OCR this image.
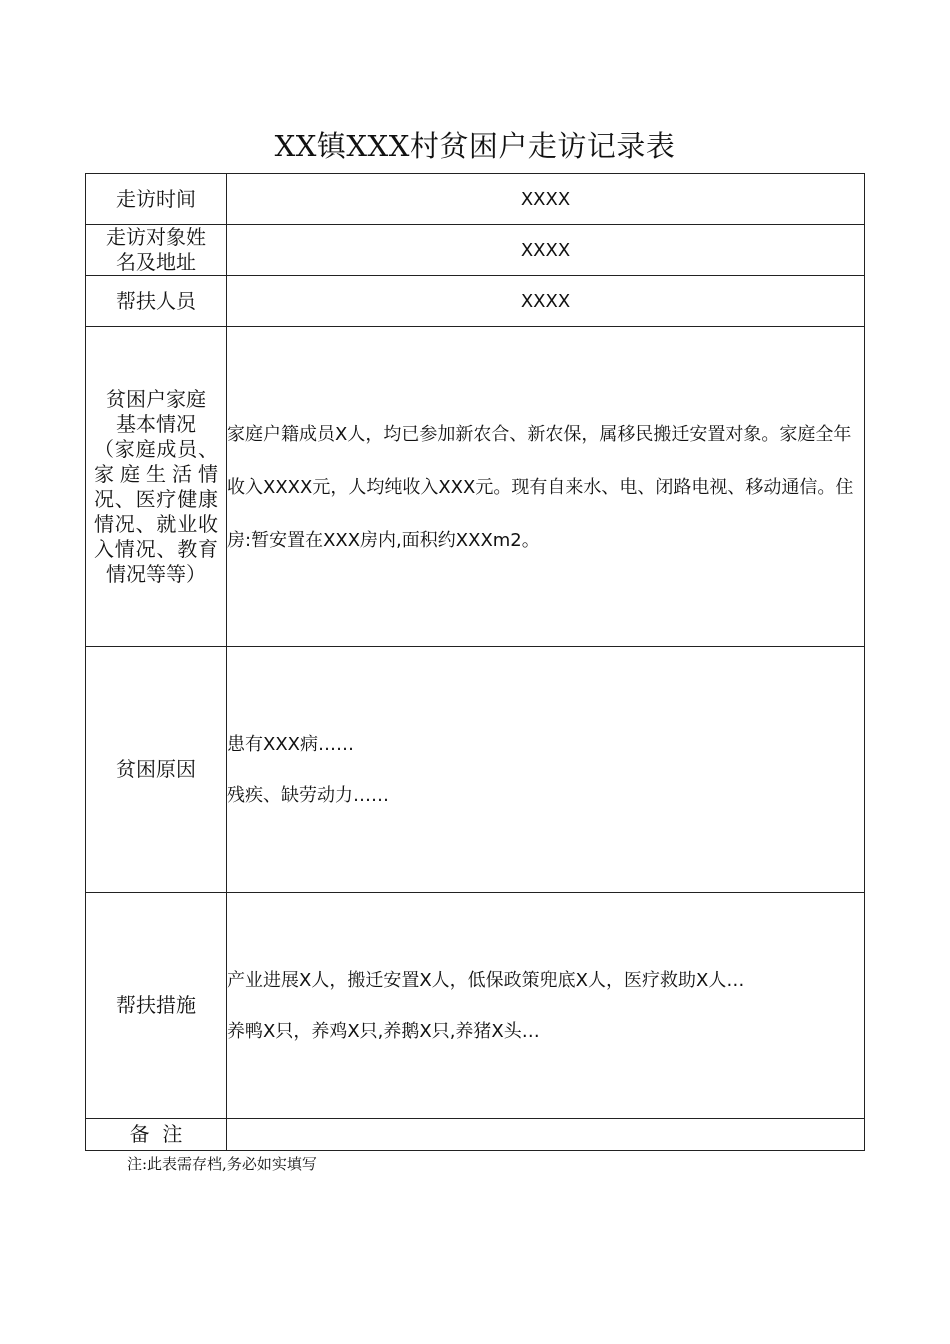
XX镇XXX村贫困户走访记录表
走访时间	XXXX

走访对象姓
名及地址	XXXX
帮扶人员	XXXX

贫困户家庭
基本情况
（家庭成员、家庭生活情况、医疗健康情况、就业收入情况、教育情况等等）	家庭户籍成员X人，均已参加新农合、新农保，属移民搬迁安置对象。家庭全年收入XXXX元，人均纯收入XXX元。现有自来水、电、闭路电视、移动通信。住房:暂安置在XXX房内,面积约XXXm2。
贫困原因	患有XXX病……
残疾、缺劳动力……

帮扶措施	产业进展X人，搬迁安置X人，低保政策兜底X人，医疗救助X人…
养鸭X只，养鸡X只,养鹅X只,养猪X头…

备  注	
注:此表需存档,务必如实填写
